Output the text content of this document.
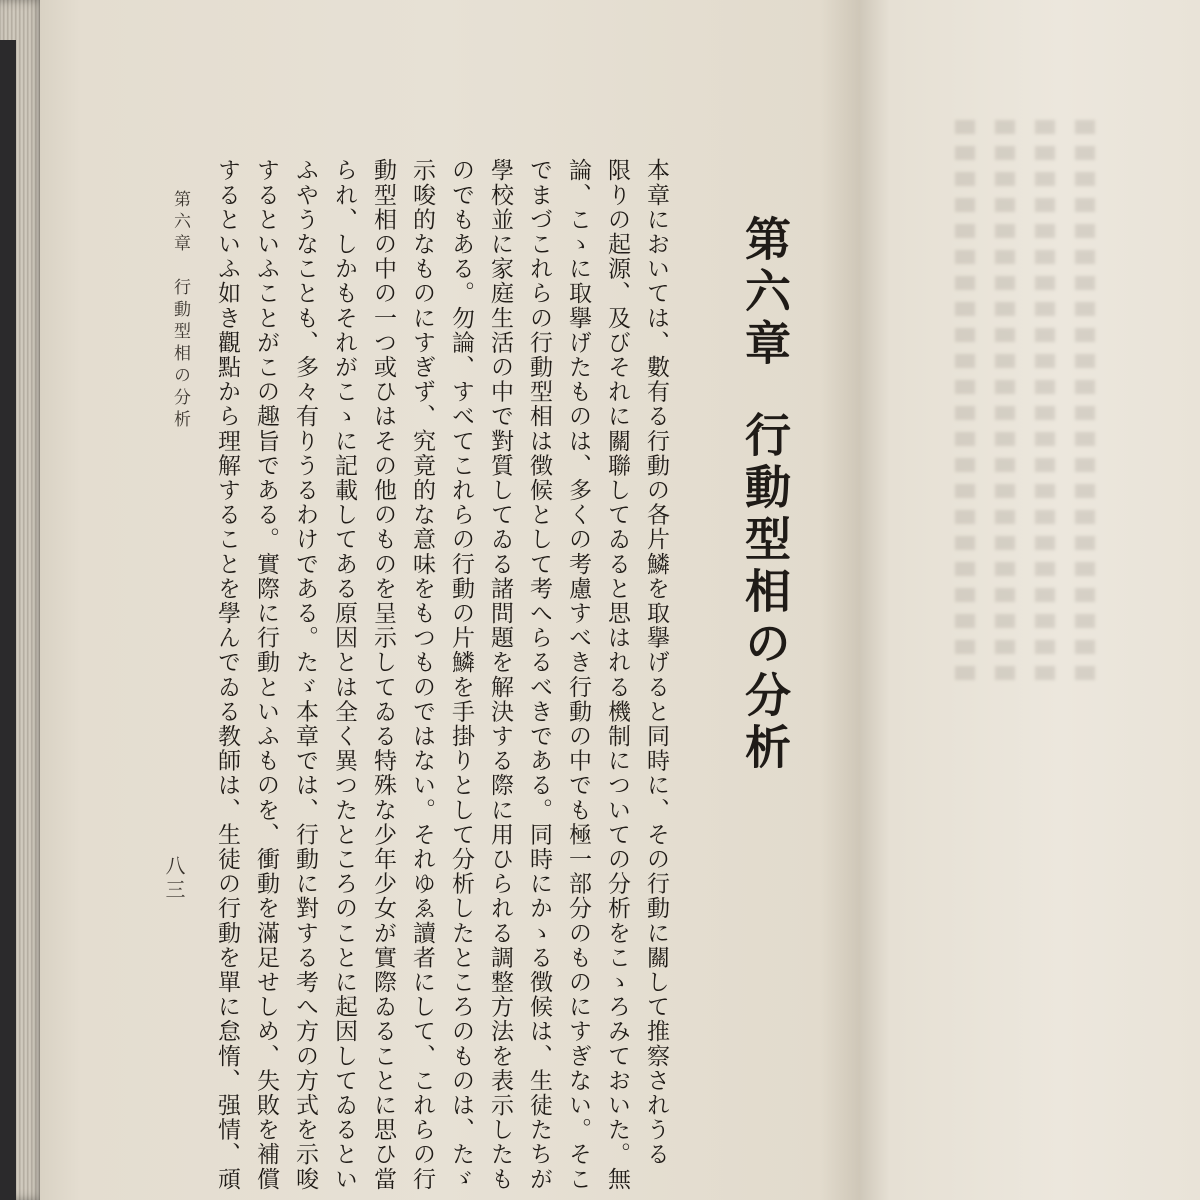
第六章行動型相の分析
本章においては、數有る行動の各片鱗を取擧げると同時に、その行動に關して推察されうる
限りの起源、及びそれに關聯してゐると思はれる機制についての分析をこゝろみておいた。無
論、こゝに取擧げたものは、多くの考慮すべき行動の中でも極一部分のものにすぎない。そこ
でまづこれらの行動型相は徴候として考へらるべきである。同時にかゝる徴候は、生徒たちが
學校並に家庭生活の中で對質してゐる諸問題を解決する際に用ひられる調整方法を表示したも
のでもある。勿論、すべてこれらの行動の片鱗を手掛りとして分析したところのものは、たゞ
示唆的なものにすぎず、究竟的な意味をもつものではない。それゆゑ讀者にして、これらの行
動型相の中の一つ或ひはその他のものを呈示してゐる特殊な少年少女が實際ゐることに思ひ當
られ、しかもそれがこゝに記載してある原因とは全く異つたところのことに起因してゐるとい
ふやうなことも、多々有りうるわけである。たゞ本章では、行動に對する考へ方の方式を示唆
するといふことがこの趣旨である。實際に行動といふものを、衝動を滿足せしめ、失敗を補償
するといふ如き觀點から理解することを學んでゐる教師は、生徒の行動を單に怠惰、强情、頑
第六章　行動型相の分析
八三
